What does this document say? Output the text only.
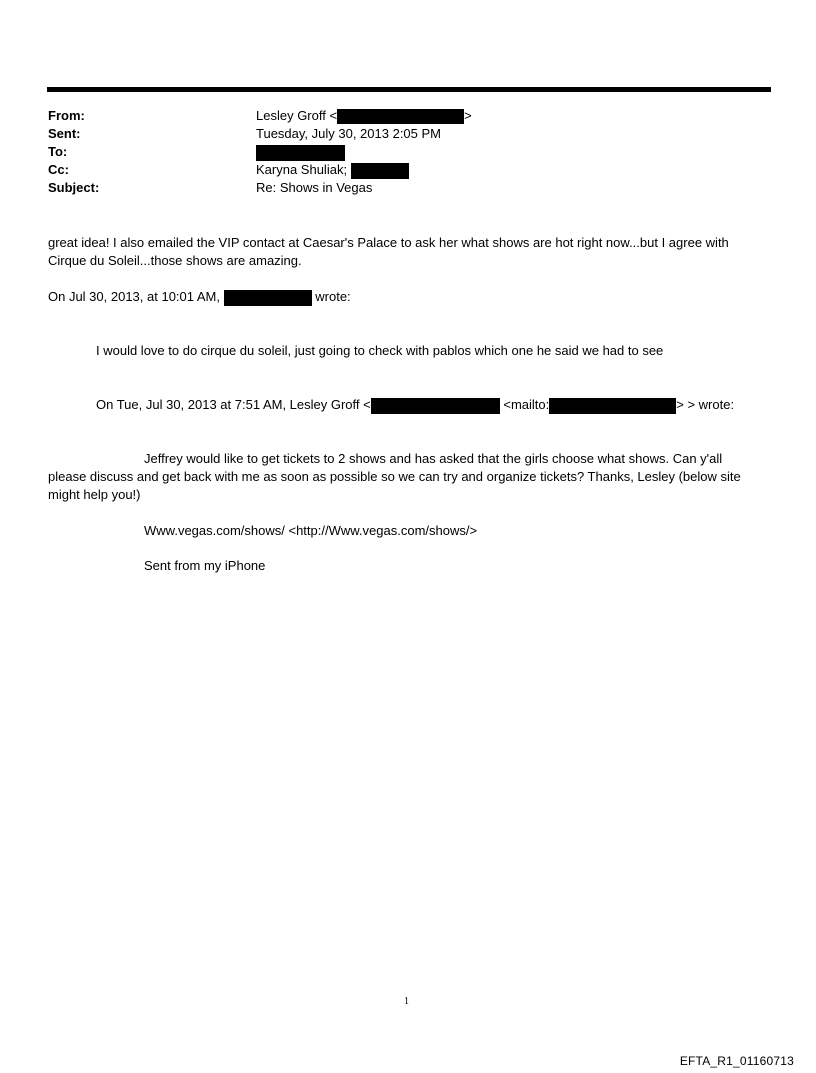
From:	Lesley Groff <	>
Sent:	Tuesday, July 30, 2013 2:05 PM
To:
Cc:	Karyna Shuliak;
Subject:	Re: Shows in Vegas
great idea! I also emailed the VIP contact at Caesar's Palace to ask her what shows are hot right now...but I agree with
Cirque du Soleil...those shows are amazing.
On Jul 30, 2013, at 10:01 AM,	wrote:
I would love to do cirque du soleil, just going to check with pablos which one he said we had to see
On Tue, Jul 30, 2013 at 7:51 AM, Lesley Groff <	<mailto:	> > wrote:
Jeffrey would like to get tickets to 2 shows and has asked that the girls choose what shows. Can y'all
please discuss and get back with me as soon as possible so we can try and organize tickets? Thanks, Lesley (below site
might help you!)
Www.vegas.com/shows/ <http://Www.vegas.com/shows/>
Sent from my iPhone
1
EFTA_R1_01160713
